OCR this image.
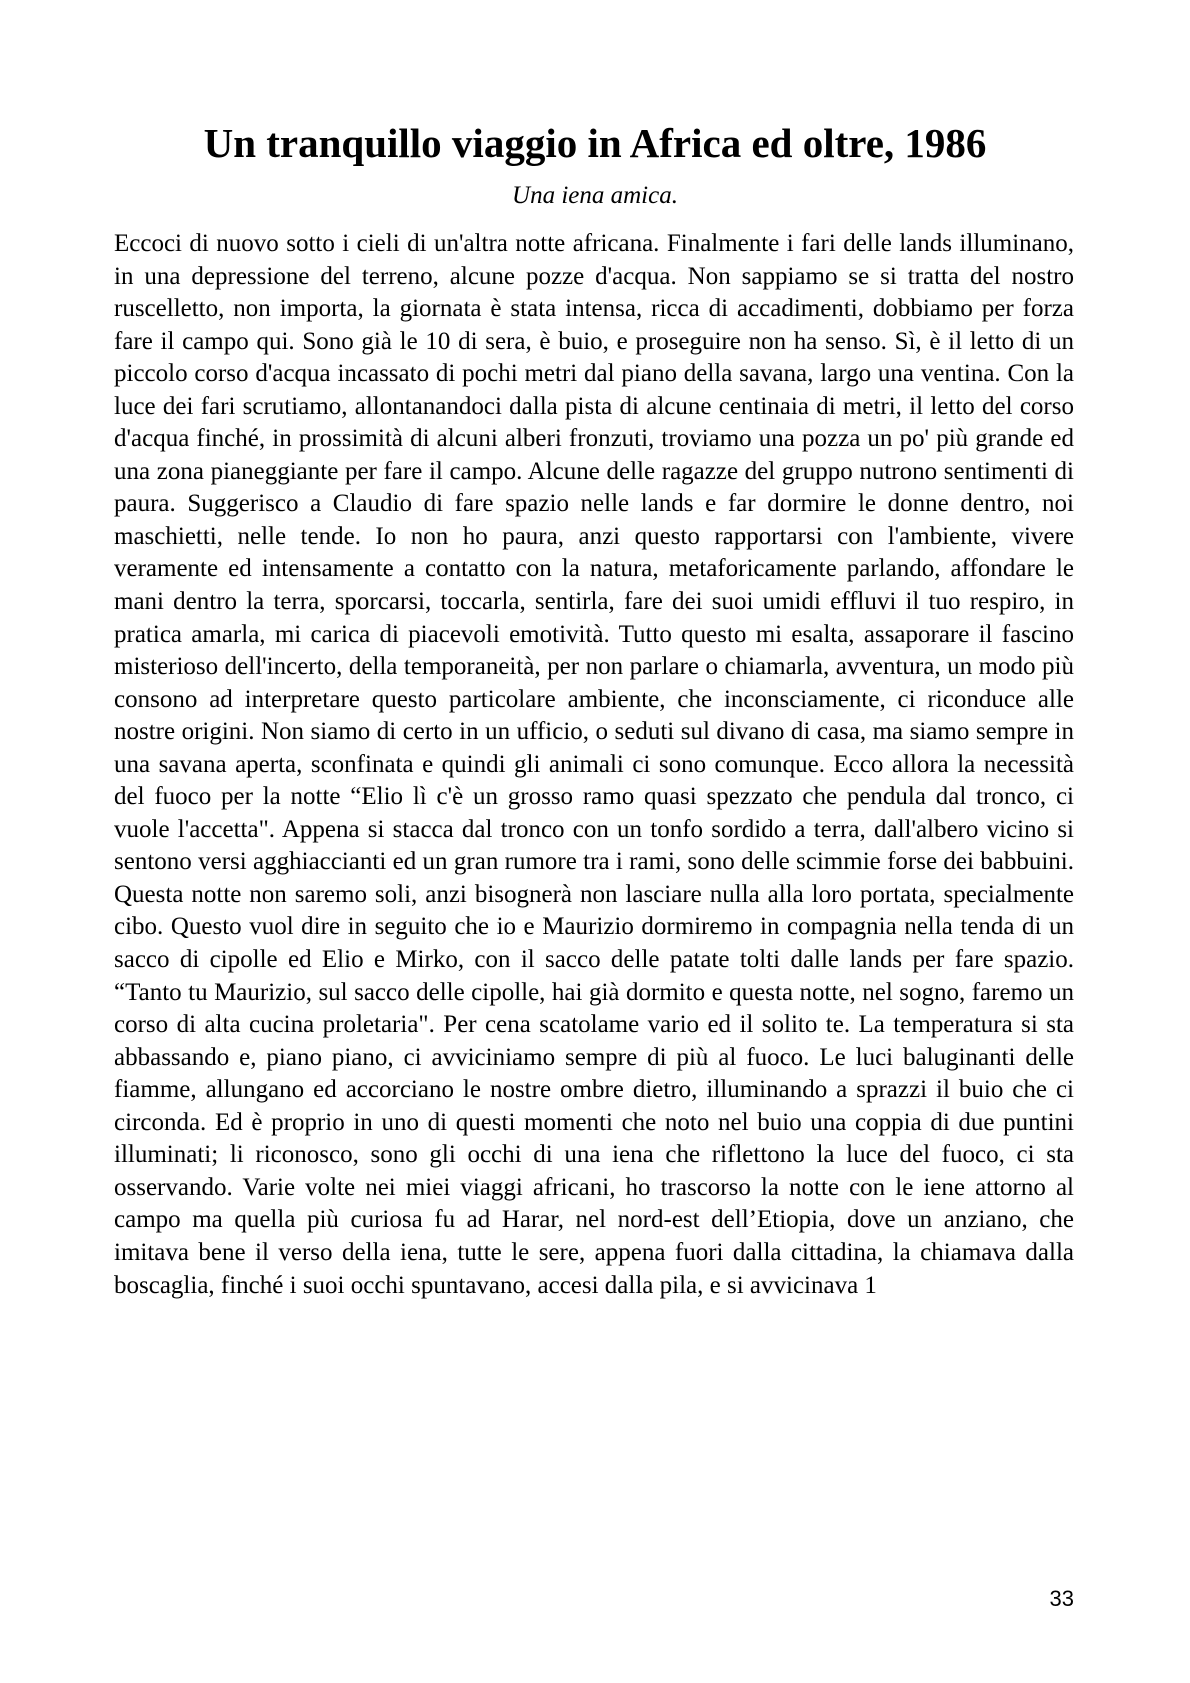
Un tranquillo viaggio in Africa ed oltre, 1986
Una iena amica.

Eccoci di nuovo sotto i cieli di un'altra notte africana. Finalmente i fari delle lands illuminano, in una depressione del terreno, alcune pozze d'acqua. Non sappiamo se si tratta del nostro ruscelletto, non importa, la giornata è stata intensa, ricca di accadimenti, dobbiamo per forza fare il campo qui. Sono già le 10 di sera, è buio, e proseguire non ha senso. Sì, è il letto di un piccolo corso d'acqua incassato di pochi metri dal piano della savana, largo una ventina. Con la luce dei fari scrutiamo, allontanandoci dalla pista di alcune centinaia di metri, il letto del corso d'acqua finché, in prossimità di alcuni alberi fronzuti, troviamo una pozza un po' più grande ed una zona pianeggiante per fare il campo. Alcune delle ragazze del gruppo nutrono sentimenti di paura. Suggerisco a Claudio di fare spazio nelle lands e far dormire le donne dentro, noi maschietti, nelle tende. Io non ho paura, anzi questo rapportarsi con l'ambiente, vivere veramente ed intensamente a contatto con la natura, metaforicamente parlando, affondare le mani dentro la terra, sporcarsi, toccarla, sentirla, fare dei suoi umidi effluvi il tuo respiro, in pratica amarla, mi carica di piacevoli emotività. Tutto questo mi esalta, assaporare il fascino misterioso dell'incerto, della temporaneità, per non parlare o chiamarla, avventura, un modo più consono ad interpretare questo particolare ambiente, che inconsciamente, ci riconduce alle nostre origini. Non siamo di certo in un ufficio, o seduti sul divano di casa, ma siamo sempre in una savana aperta, sconfinata e quindi gli animali ci sono comunque. Ecco allora la necessità del fuoco per la notte “Elio lì c'è un grosso ramo quasi spezzato che pendula dal tronco, ci vuole l'accetta". Appena si stacca dal tronco con un tonfo sordido a terra, dall'albero vicino si sentono versi agghiaccianti ed un gran rumore tra i rami, sono delle scimmie forse dei babbuini. Questa notte non saremo soli, anzi bisognerà non lasciare nulla alla loro portata, specialmente cibo. Questo vuol dire in seguito che io e Maurizio dormiremo in compagnia nella tenda di un sacco di cipolle ed Elio e Mirko, con il sacco delle patate tolti dalle lands per fare spazio. “Tanto tu Maurizio, sul sacco delle cipolle, hai già dormito e questa notte, nel sogno, faremo un corso di alta cucina proletaria". Per cena scatolame vario ed il solito te. La temperatura si sta abbassando e, piano piano, ci avviciniamo sempre di più al fuoco. Le luci baluginanti delle fiamme, allungano ed accorciano le nostre ombre dietro, illuminando a sprazzi il buio che ci circonda. Ed è proprio in uno di questi momenti che noto nel buio una coppia di due puntini illuminati; li riconosco, sono gli occhi di una iena che riflettono la luce del fuoco, ci sta osservando. Varie volte nei miei viaggi africani, ho trascorso la notte con le iene attorno al campo ma quella più curiosa fu ad Harar, nel nord-est dell’Etiopia, dove un anziano, che imitava bene il verso della iena, tutte le sere, appena fuori dalla cittadina, la chiamava dalla boscaglia, finché i suoi occhi spuntavano, accesi dalla pila, e si avvicinava 1

33
